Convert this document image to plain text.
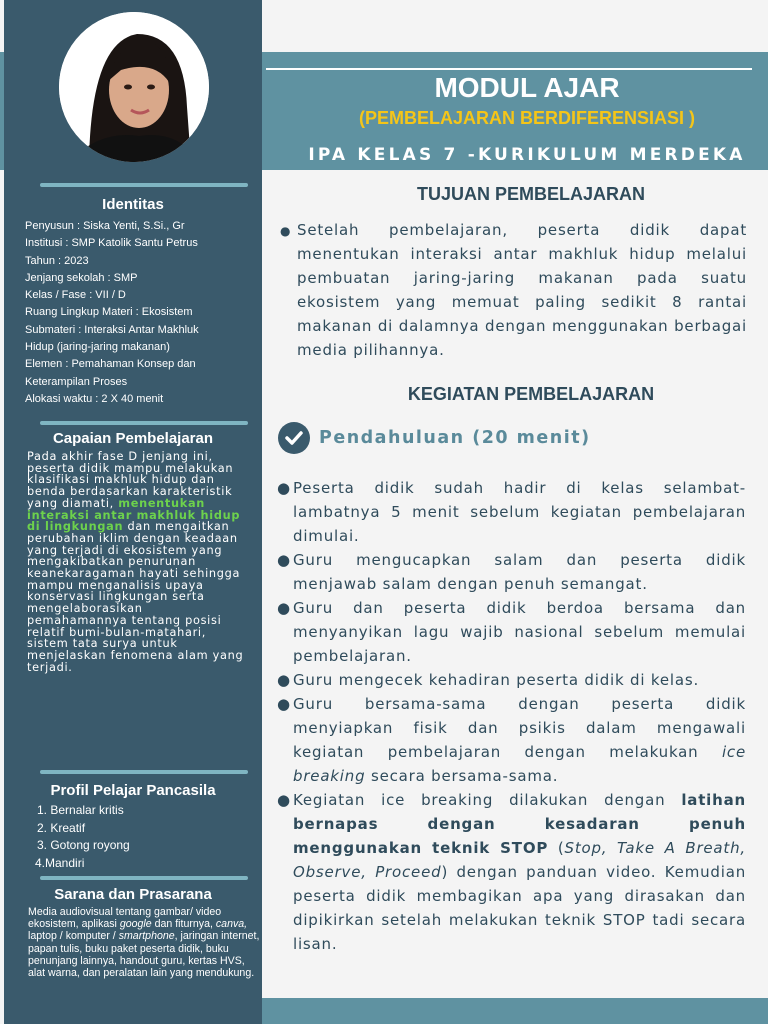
Identitas
Penyusun : Siska Yenti, S.Si., Gr
Institusi : SMP Katolik Santu Petrus
Tahun : 2023
Jenjang sekolah : SMP
Kelas / Fase : VII / D
Ruang Lingkup Materi : Ekosistem
Submateri : Interaksi Antar Makhluk
Hidup (jaring-jaring makanan)
Elemen : Pemahaman Konsep dan
Keterampilan Proses
Alokasi waktu : 2 X 40 menit
Capaian Pembelajaran
Pada akhir fase D jenjang ini, peserta didik mampu melakukan klasifikasi makhluk hidup dan benda berdasarkan karakteristik yang diamati, menentukan interaksi antar makhluk hidup di lingkungan dan mengaitkan perubahan iklim dengan keadaan yang terjadi di ekosistem yang mengakibatkan penurunan keanekaragaman hayati sehingga mampu menganalisis upaya konservasi lingkungan serta mengelaborasikan pemahamannya tentang posisi relatif bumi-bulan-matahari, sistem tata surya untuk menjelaskan fenomena alam yang terjadi.
Profil Pelajar Pancasila
1. Bernalar kritis
2. Kreatif
3. Gotong royong
4.Mandiri
Sarana dan Prasarana
Media audiovisual tentang gambar/ video ekosistem, aplikasi google dan fiturnya, canva, laptop / komputer / smartphone, jaringan internet, papan tulis, buku paket peserta didik, buku penunjang lainnya, handout guru, kertas HVS, alat warna, dan peralatan lain yang mendukung.
MODUL AJAR
(PEMBELAJARAN BERDIFERENSIASI )
IPA KELAS 7 -KURIKULUM MERDEKA
TUJUAN PEMBELAJARAN
● Setelah pembelajaran, peserta didik dapat menentukan interaksi antar makhluk hidup melalui pembuatan jaring-jaring makanan pada suatu ekosistem yang memuat paling sedikit 8 rantai makanan di dalamnya dengan menggunakan berbagai media pilihannya.
KEGIATAN PEMBELAJARAN
Pendahuluan (20 menit)
● Peserta didik sudah hadir di kelas selambat-lambatnya 5 menit sebelum kegiatan pembelajaran dimulai.
● Guru mengucapkan salam dan peserta didik menjawab salam dengan penuh semangat.
● Guru dan peserta didik berdoa bersama dan menyanyikan lagu wajib nasional sebelum memulai pembelajaran.
● Guru mengecek kehadiran peserta didik di kelas.
● Guru bersama-sama dengan peserta didik menyiapkan fisik dan psikis dalam mengawali kegiatan pembelajaran dengan melakukan ice breaking secara bersama-sama.
● Kegiatan ice breaking dilakukan dengan latihan bernapas dengan kesadaran penuh menggunakan teknik STOP (Stop, Take A Breath, Observe, Proceed) dengan panduan video. Kemudian peserta didik membagikan apa yang dirasakan dan dipikirkan setelah melakukan teknik STOP tadi secara lisan.
